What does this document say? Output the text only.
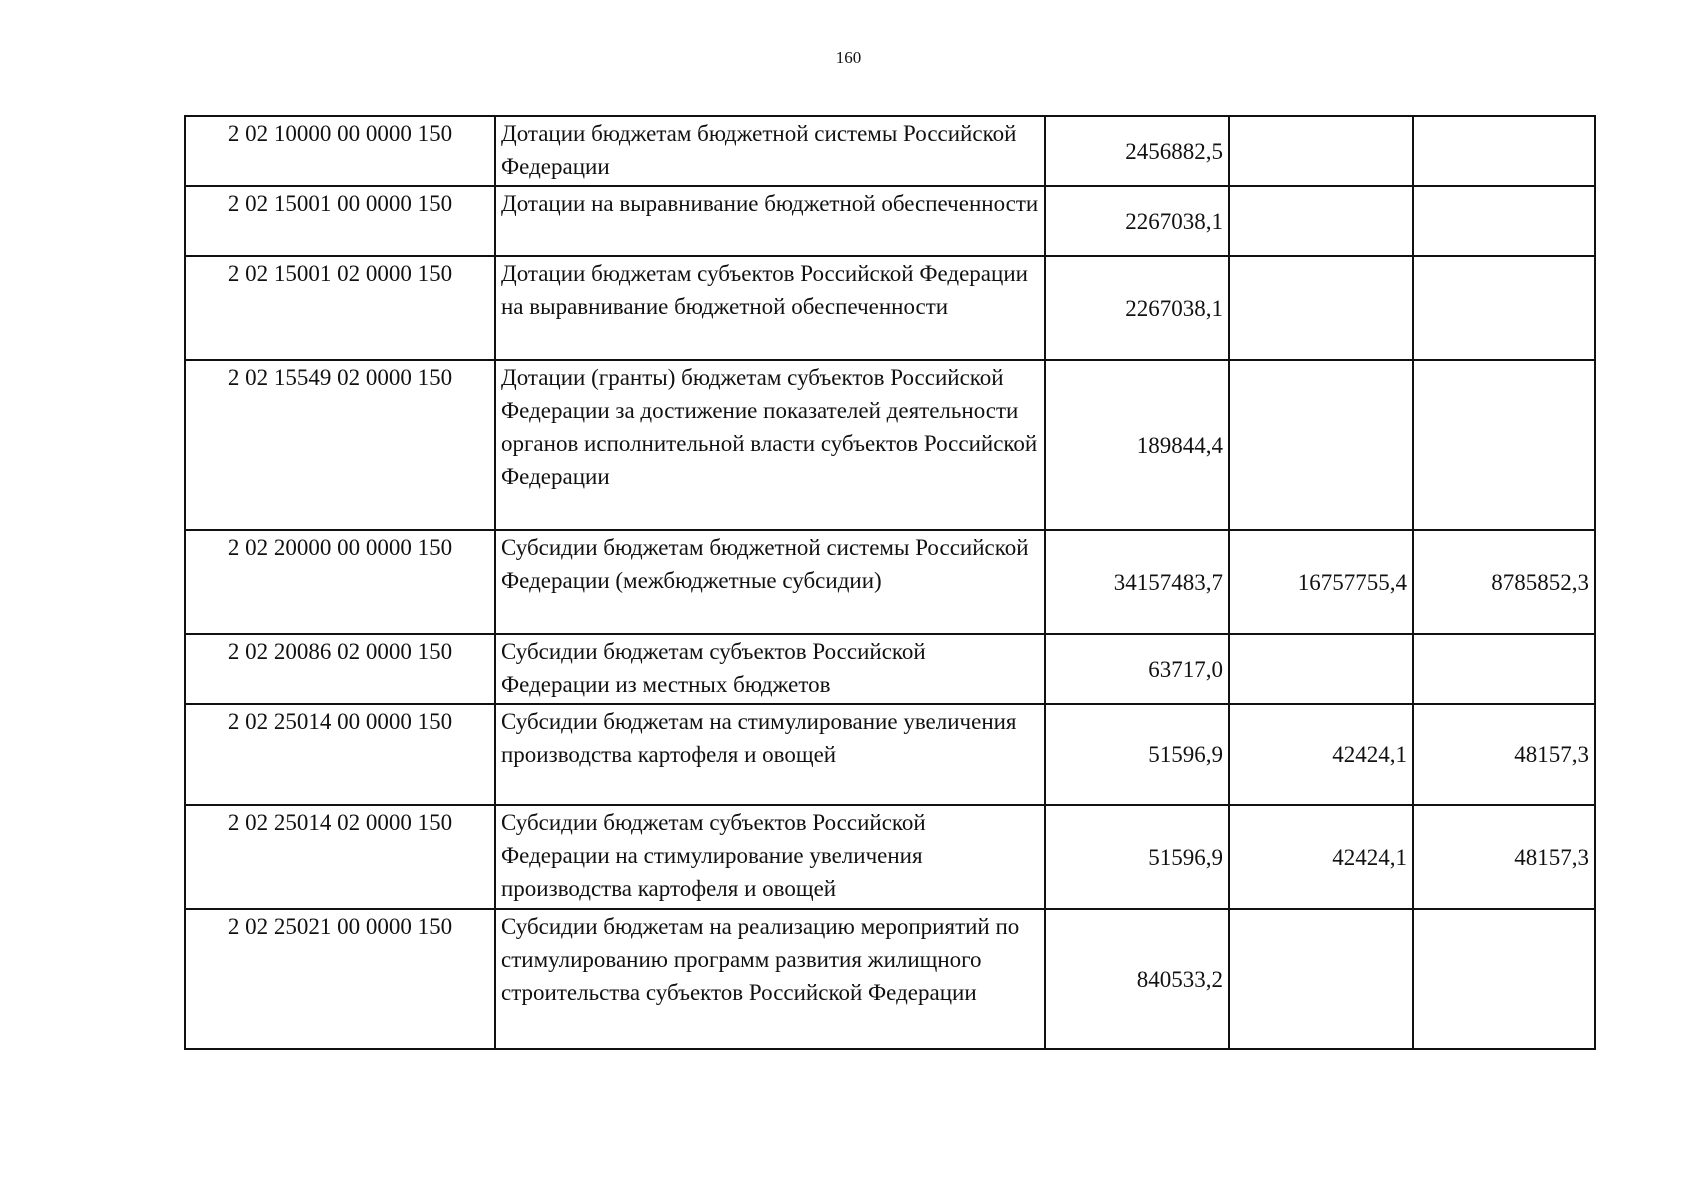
160
2 02 10000 00 0000 150	Дотации бюджетам бюджетной системы Российской Федерации	2456882,5		
2 02 15001 00 0000 150	Дотации на выравнивание бюджетной обеспеченности	2267038,1		
2 02 15001 02 0000 150	Дотации бюджетам субъектов Российской Федерации на выравнивание бюджетной обеспеченности	2267038,1		
2 02 15549 02 0000 150	Дотации (гранты) бюджетам субъектов Российской Федерации за достижение показателей деятельности органов исполнительной власти субъектов Российской Федерации	189844,4		
2 02 20000 00 0000 150	Субсидии бюджетам бюджетной системы Российской Федерации (межбюджетные субсидии)	34157483,7	16757755,4	8785852,3
2 02 20086 02 0000 150	Субсидии бюджетам субъектов Российской Федерации из местных бюджетов	63717,0		
2 02 25014 00 0000 150	Субсидии бюджетам на стимулирование увеличения производства картофеля и овощей	51596,9	42424,1	48157,3
2 02 25014 02 0000 150	Субсидии бюджетам субъектов Российской Федерации на стимулирование увеличения производства картофеля и овощей	51596,9	42424,1	48157,3
2 02 25021 00 0000 150	Субсидии бюджетам на реализацию мероприятий по стимулированию программ развития жилищного строительства субъектов Российской Федерации	840533,2		
